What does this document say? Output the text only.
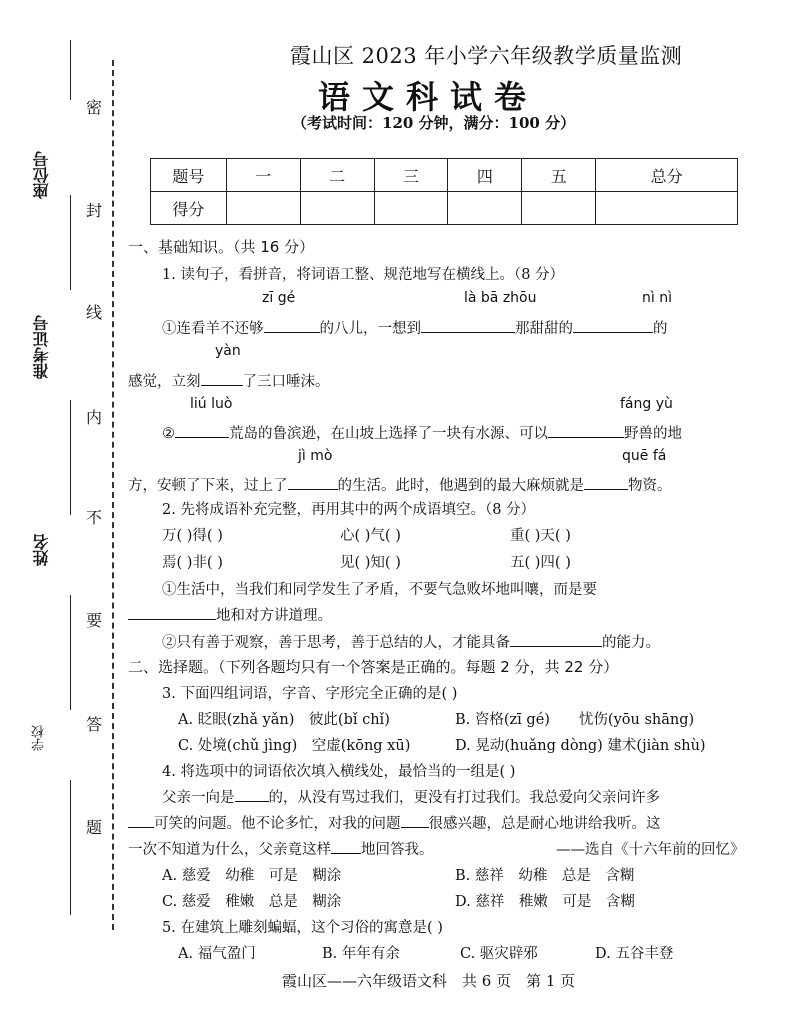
座位号
准考证号
姓名
学校
密
封
线
内
不
要
答
题
霞山区 2023 年小学六年级教学质量监测
语文科试卷
（考试时间：120 分钟，满分：100 分）
题号	一	二	三	四	五	总分
得分						
一、基础知识。（共 16 分）
1. 读句子，看拼音，将词语工整、规范地写在横线上。（8 分）
zī gé	là bā zhōu	nì nì
①连看羊不还够	的八儿，一想到	那甜甜的	的
yàn
感觉，立刻	了三口唾沫。
liú luò	fáng yù
②	荒岛的鲁滨逊，在山坡上选择了一块有水源、可以	野兽的地
jì mò	quē fá
方，安顿了下来，过上了	的生活。此时，他遇到的最大麻烦就是	物资。
2. 先将成语补充完整，再用其中的两个成语填空。（8 分）
万( )得( )	心( )气( )	重( )天( )
焉( )非( )	见( )知( )	五( )四( )
①生活中，当我们和同学发生了矛盾，不要气急败坏地叫嚷，而是要
地和对方讲道理。
②只有善于观察，善于思考，善于总结的人，才能具备	的能力。
二、选择题。（下列各题均只有一个答案是正确的。每题 2 分，共 22 分）
3. 下面四组词语，字音、字形完全正确的是( )
A. 眨眼(zhǎ yǎn)　彼此(bǐ chǐ)	B. 咨格(zī gé)　　忧伤(yōu shāng)
C. 处境(chǔ jìng)　空虚(kōng xū)	D. 晃动(huǎng dòng) 建术(jiàn shù)
4. 将选项中的词语依次填入横线处，最恰当的一组是( )
父亲一向是 的，从没有骂过我们，更没有打过我们。我总爱向父亲问许多
可笑的问题。他不论多忙，对我的问题 很感兴趣，总是耐心地讲给我听。这
一次不知道为什么，父亲竟这样 地回答我。	——选自《十六年前的回忆》
A. 慈爱　幼稚　可是　糊涂	B. 慈祥　幼稚　总是　含糊
C. 慈爱　稚嫩　总是　糊涂	D. 慈祥　稚嫩　可是　含糊
5. 在建筑上雕刻蝙蝠，这个习俗的寓意是( )
A. 福气盈门	B. 年年有余	C. 驱灾辟邪	D. 五谷丰登
霞山区——六年级语文科　共 6 页　第 1 页
